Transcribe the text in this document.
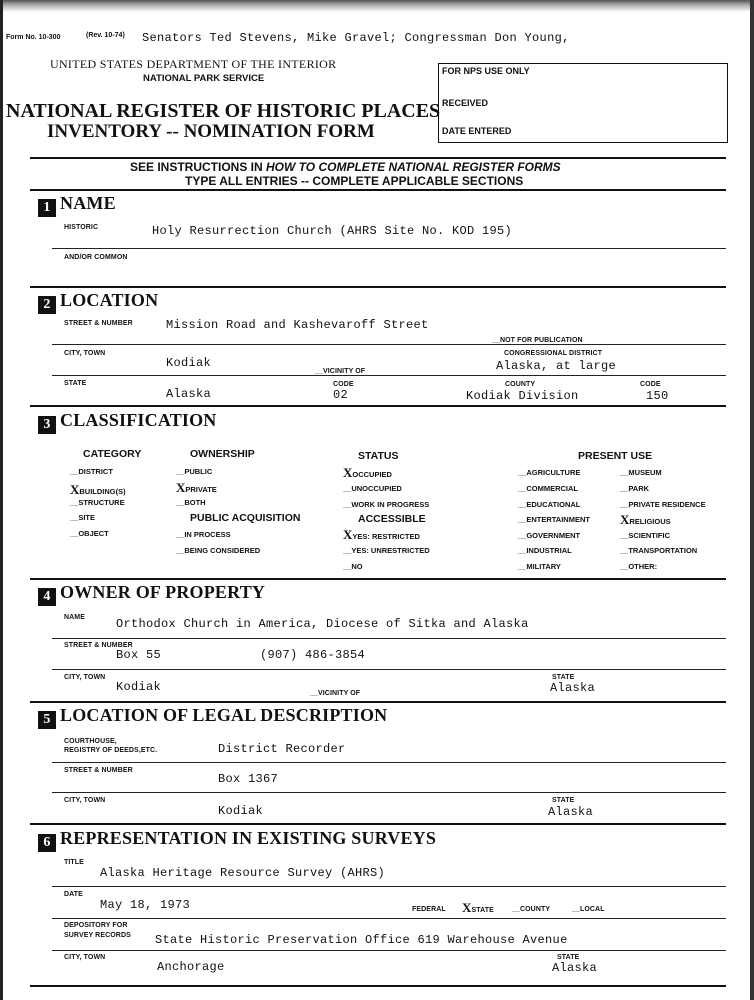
Form No. 10-300	(Rev. 10-74) Senators Ted Stevens, Mike Gravel; Congressman Don Young,
UNITED STATES DEPARTMENT OF THE INTERIOR
NATIONAL PARK SERVICE
NATIONAL REGISTER OF HISTORIC PLACES
INVENTORY -- NOMINATION FORM
FOR NPS USE ONLY
RECEIVED
DATE ENTERED
SEE INSTRUCTIONS IN HOW TO COMPLETE NATIONAL REGISTER FORMS
TYPE ALL ENTRIES -- COMPLETE APPLICABLE SECTIONS
1 NAME
HISTORIC	Holy Resurrection Church (AHRS Site No. KOD 195)
AND/OR COMMON
2 LOCATION
STREET & NUMBER	Mission Road and Kashevaroff Street
__NOT FOR PUBLICATION
CITY, TOWN
Kodiak
__VICINITY OF
CONGRESSIONAL DISTRICT
Alaska, at large
STATE
Alaska
CODE
02
COUNTY
Kodiak Division
CODE
150
3 CLASSIFICATION
CATEGORY
__DISTRICT
XBUILDING(S)
__STRUCTURE
__SITE
__OBJECT
OWNERSHIP
__PUBLIC
XPRIVATE
__BOTH
PUBLIC ACQUISITION
__IN PROCESS
__BEING CONSIDERED
STATUS
XOCCUPIED
__UNOCCUPIED
__WORK IN PROGRESS
ACCESSIBLE
XYES: RESTRICTED
__YES: UNRESTRICTED
__NO
PRESENT USE
__AGRICULTURE
__COMMERCIAL
__EDUCATIONAL
__ENTERTAINMENT
__GOVERNMENT
__INDUSTRIAL
__MILITARY
__MUSEUM
__PARK
__PRIVATE RESIDENCE
XRELIGIOUS
__SCIENTIFIC
__TRANSPORTATION
__OTHER:
4 OWNER OF PROPERTY
NAME	Orthodox Church in America, Diocese of Sitka and Alaska
STREET & NUMBER
Box 55	(907) 486-3854
CITY, TOWN
Kodiak	__VICINITY OF
STATE
Alaska
5 LOCATION OF LEGAL DESCRIPTION
COURTHOUSE,
REGISTRY OF DEEDS,ETC.	District Recorder
STREET & NUMBER
Box 1367
CITY, TOWN
Kodiak
STATE
Alaska
6 REPRESENTATION IN EXISTING SURVEYS
TITLE
Alaska Heritage Resource Survey (AHRS)
DATE
May 18, 1973	FEDERAL XSTATE	__COUNTY	__LOCAL
DEPOSITORY FOR
SURVEY RECORDS State Historic Preservation Office 619 Warehouse Avenue
CITY, TOWN
Anchorage
STATE
Alaska
